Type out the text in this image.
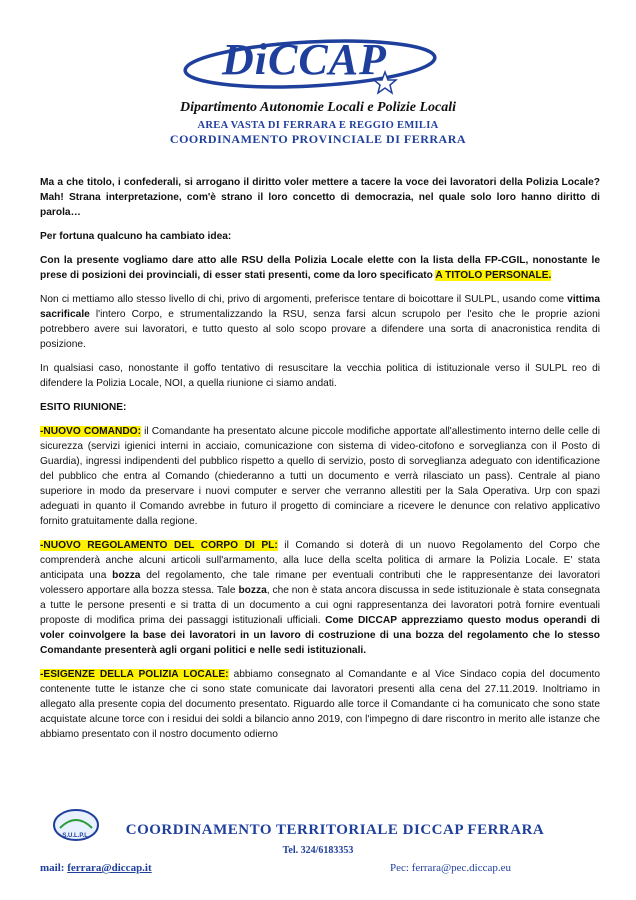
DiCCAP
Dipartimento Autonomie Locali e Polizie Locali
AREA VASTA DI FERRARA E REGGIO EMILIA
COORDINAMENTO PROVINCIALE DI FERRARA

Ma a che titolo, i confederali, si arrogano il diritto voler mettere a tacere la voce dei lavoratori della Polizia Locale? Mah! Strana interpretazione, com'è strano il loro concetto di democrazia, nel quale solo loro hanno diritto di parola…

Per fortuna qualcuno ha cambiato idea:

Con la presente vogliamo dare atto alle RSU della Polizia Locale elette con la lista della FP-CGIL, nonostante le prese di posizioni dei provinciali, di esser stati presenti, come da loro specificato A TITOLO PERSONALE.

Non ci mettiamo allo stesso livello di chi, privo di argomenti, preferisce tentare di boicottare il SULPL, usando come vittima sacrificale l'intero Corpo, e strumentalizzando la RSU, senza farsi alcun scrupolo per l'esito che le proprie azioni potrebbero avere sui lavoratori, e tutto questo al solo scopo provare a difendere una sorta di anacronistica rendita di posizione.

In qualsiasi caso, nonostante il goffo tentativo di resuscitare la vecchia politica di istituzionale verso il SULPL reo di difendere la Polizia Locale, NOI, a quella riunione ci siamo andati.

ESITO RIUNIONE:

-NUOVO COMANDO: il Comandante ha presentato alcune piccole modifiche apportate all'allestimento interno delle celle di sicurezza (servizi igienici interni in acciaio, comunicazione con sistema di video-citofono e sorveglianza con il Posto di Guardia), ingressi indipendenti del pubblico rispetto a quello di servizio, posto di sorveglianza adeguato con identificazione del pubblico che entra al Comando (chiederanno a tutti un documento e verrà rilasciato un pass). Centrale al piano superiore in modo da preservare i nuovi computer e server che verranno allestiti per la Sala Operativa. Urp con spazi adeguati in quanto il Comando avrebbe in futuro il progetto di cominciare a ricevere le denunce con relativo applicativo fornito gratuitamente dalla regione.

-NUOVO REGOLAMENTO DEL CORPO DI PL: il Comando si doterà di un nuovo Regolamento del Corpo che comprenderà anche alcuni articoli sull'armamento, alla luce della scelta politica di armare la Polizia Locale. E' stata anticipata una bozza del regolamento, che tale rimane per eventuali contributi che le rappresentanze dei lavoratori volessero apportare alla bozza stessa. Tale bozza, che non è stata ancora discussa in sede istituzionale è stata consegnata a tutte le persone presenti e si tratta di un documento a cui ogni rappresentanza dei lavoratori potrà fornire eventuali proposte di modifica prima dei passaggi istituzionali ufficiali. Come DICCAP apprezziamo questo modus operandi di voler coinvolgere la base dei lavoratori in un lavoro di costruzione di una bozza del regolamento che lo stesso Comandante presenterà agli organi politici e nelle sedi istituzionali.

-ESIGENZE DELLA POLIZIA LOCALE: abbiamo consegnato al Comandante e al Vice Sindaco copia del documento contenente tutte le istanze che ci sono state comunicate dai lavoratori presenti alla cena del 27.11.2019. Inoltriamo in allegato alla presente copia del documento presentato. Riguardo alle torce il Comandante ci ha comunicato che sono state acquistate alcune torce con i residui dei soldi a bilancio anno 2019, con l'impegno di dare riscontro in merito alle istanze che abbiamo presentato con il nostro documento odierno

S.U.L.P.L.	COORDINAMENTO TERRITORIALE DICCAP FERRARA
Tel. 324/6183353
mail: ferrara@diccap.it	Pec: ferrara@pec.diccap.eu
